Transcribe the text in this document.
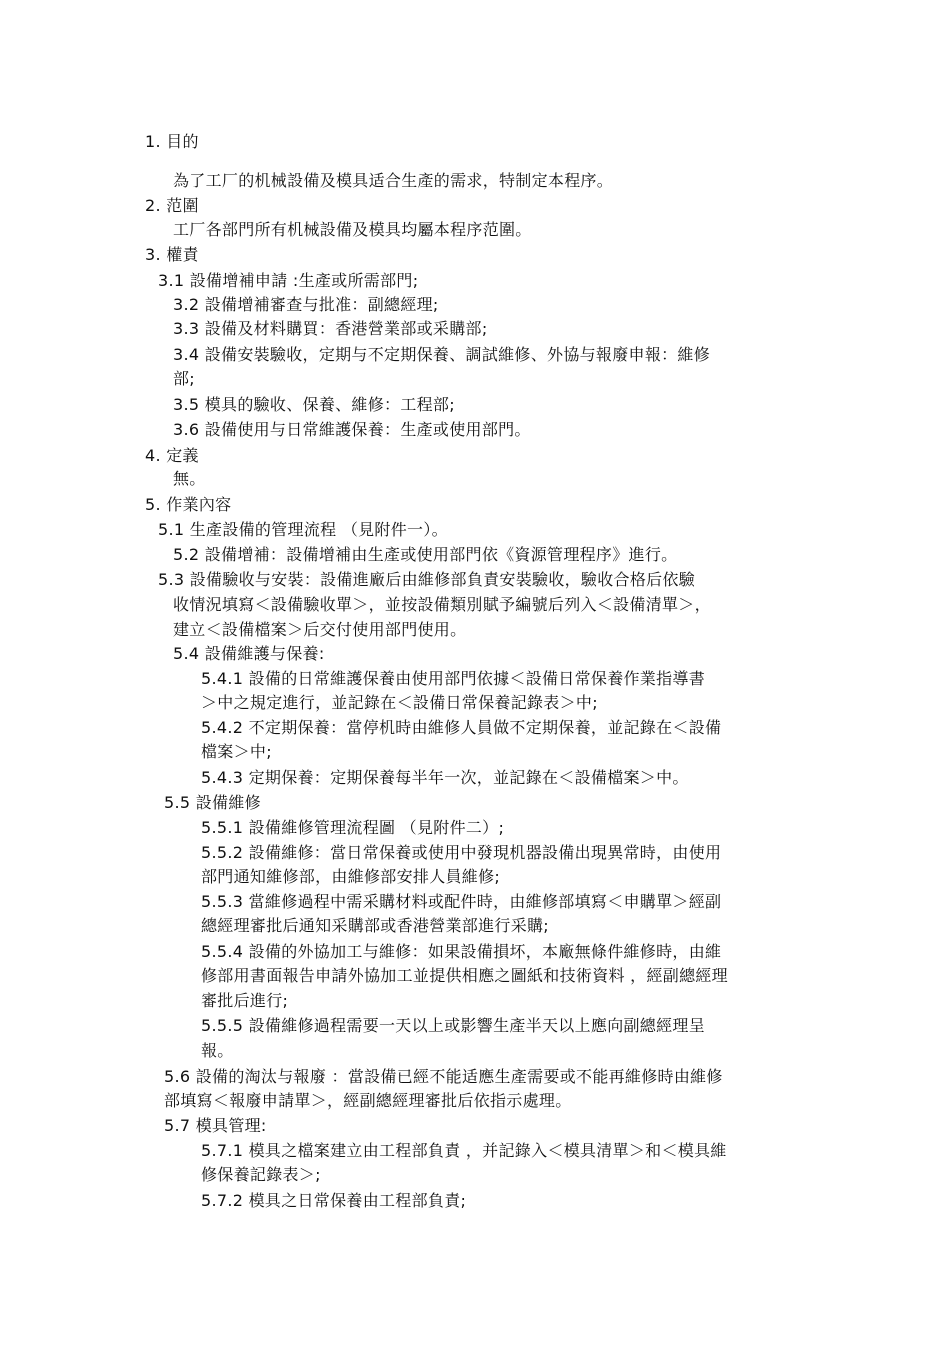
1. 目的
為了工厂的机械設備及模具适合生產的需求，特制定本程序。
2. 范圍
工厂各部門所有机械設備及模具均屬本程序范圍。
3. 權責
3.1 設備增補申請 :生產或所需部門;
3.2 設備增補審查与批准：副總經理;
3.3 設備及材料購買：香港營業部或采購部;
3.4 設備安裝驗收，定期与不定期保養、調試維修、外協与報廢申報：維修
部;
3.5 模具的驗收、保養、維修：工程部;
3.6 設備使用与日常維護保養：生產或使用部門。
4. 定義
無。
5. 作業內容
5.1 生產設備的管理流程 （見附件一）。
5.2 設備增補：設備增補由生產或使用部門依《資源管理程序》進行。
5.3 設備驗收与安裝：設備進廠后由維修部負責安裝驗收，驗收合格后依驗
收情況填寫＜設備驗收單＞，並按設備類別賦予編號后列入＜設備清單＞，
建立＜設備檔案＞后交付使用部門使用。
5.4 設備維護与保養:
5.4.1 設備的日常維護保養由使用部門依據＜設備日常保養作業指導書
＞中之規定進行，並記錄在＜設備日常保養記錄表＞中;
5.4.2 不定期保養：當停机時由維修人員做不定期保養，並記錄在＜設備
檔案＞中;
5.4.3 定期保養：定期保養每半年一次，並記錄在＜設備檔案＞中。
5.5 設備維修
5.5.1 設備維修管理流程圖 （見附件二）;
5.5.2 設備維修：當日常保養或使用中發現机器設備出現異常時，由使用
部門通知維修部，由維修部安排人員維修;
5.5.3 當維修過程中需采購材料或配件時，由維修部填寫＜申購單＞經副
總經理審批后通知采購部或香港營業部進行采購;
5.5.4 設備的外協加工与維修：如果設備損坏，本廠無條件維修時，由維
修部用書面報告申請外協加工並提供相應之圖紙和技術資料 ，經副總經理
審批后進行;
5.5.5 設備維修過程需要一天以上或影響生產半天以上應向副總經理呈
報。
5.6 設備的淘汰与報廢 ：當設備已經不能适應生產需要或不能再維修時由維修
部填寫＜報廢申請單＞，經副總經理審批后依指示處理。
5.7 模具管理:
5.7.1 模具之檔案建立由工程部負責 ，并記錄入＜模具清單＞和＜模具維
修保養記錄表＞;
5.7.2 模具之日常保養由工程部負責;
